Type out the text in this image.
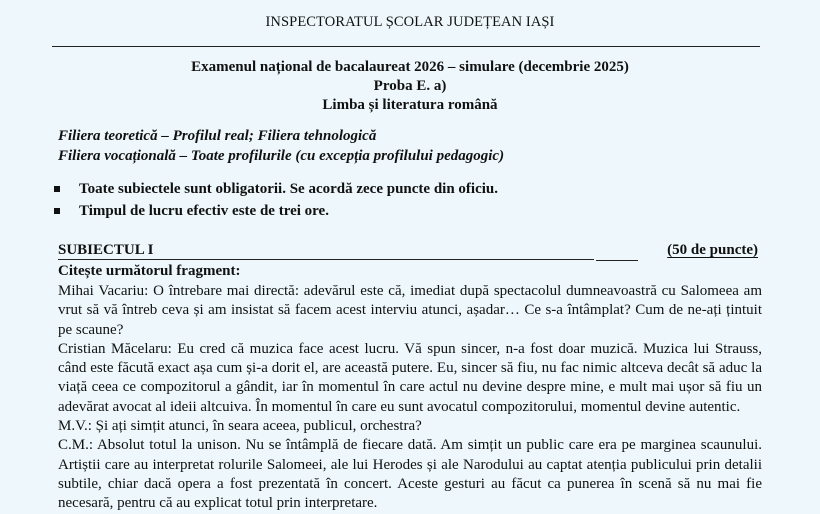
INSPECTORATUL ȘCOLAR JUDEȚEAN IAȘI
Examenul național de bacalaureat 2026 – simulare (decembrie 2025)
Proba E. a)
Limba și literatura română
Filiera teoretică – Profilul real; Filiera tehnologică
Filiera vocațională – Toate profilurile (cu excepția profilului pedagogic)
Toate subiectele sunt obligatorii. Se acordă zece puncte din oficiu.
Timpul de lucru efectiv este de trei ore.
SUBIECTUL I	(50 de puncte)
Citește următorul fragment:

Mihai Vacariu: O întrebare mai directă: adevărul este că, imediat după spectacolul dumneavoastră cu Salomeea am vrut să vă întreb ceva și am insistat să facem acest interviu atunci, așadar… Ce s-a întâmplat? Cum de ne-ați țintuit pe scaune?

Cristian Măcelaru: Eu cred că muzica face acest lucru. Vă spun sincer, n-a fost doar muzică. Muzica lui Strauss, când este făcută exact așa cum și-a dorit el, are această putere. Eu, sincer să fiu, nu fac nimic altceva decât să aduc la viață ceea ce compozitorul a gândit, iar în momentul în care actul nu devine despre mine, e mult mai ușor să fiu un adevărat avocat al ideii altcuiva. În momentul în care eu sunt avocatul compozitorului, momentul devine autentic.

M.V.: Și ați simțit atunci, în seara aceea, publicul, orchestra?

C.M.: Absolut totul la unison. Nu se întâmplă de fiecare dată. Am simțit un public care era pe marginea scaunului. Artiștii care au interpretat rolurile Salomeei, ale lui Herodes și ale Narodului au captat atenția publicului prin detalii subtile, chiar dacă opera a fost prezentată în concert. Aceste gesturi au făcut ca punerea în scenă să nu mai fie necesară, pentru că au explicat totul prin interpretare.
